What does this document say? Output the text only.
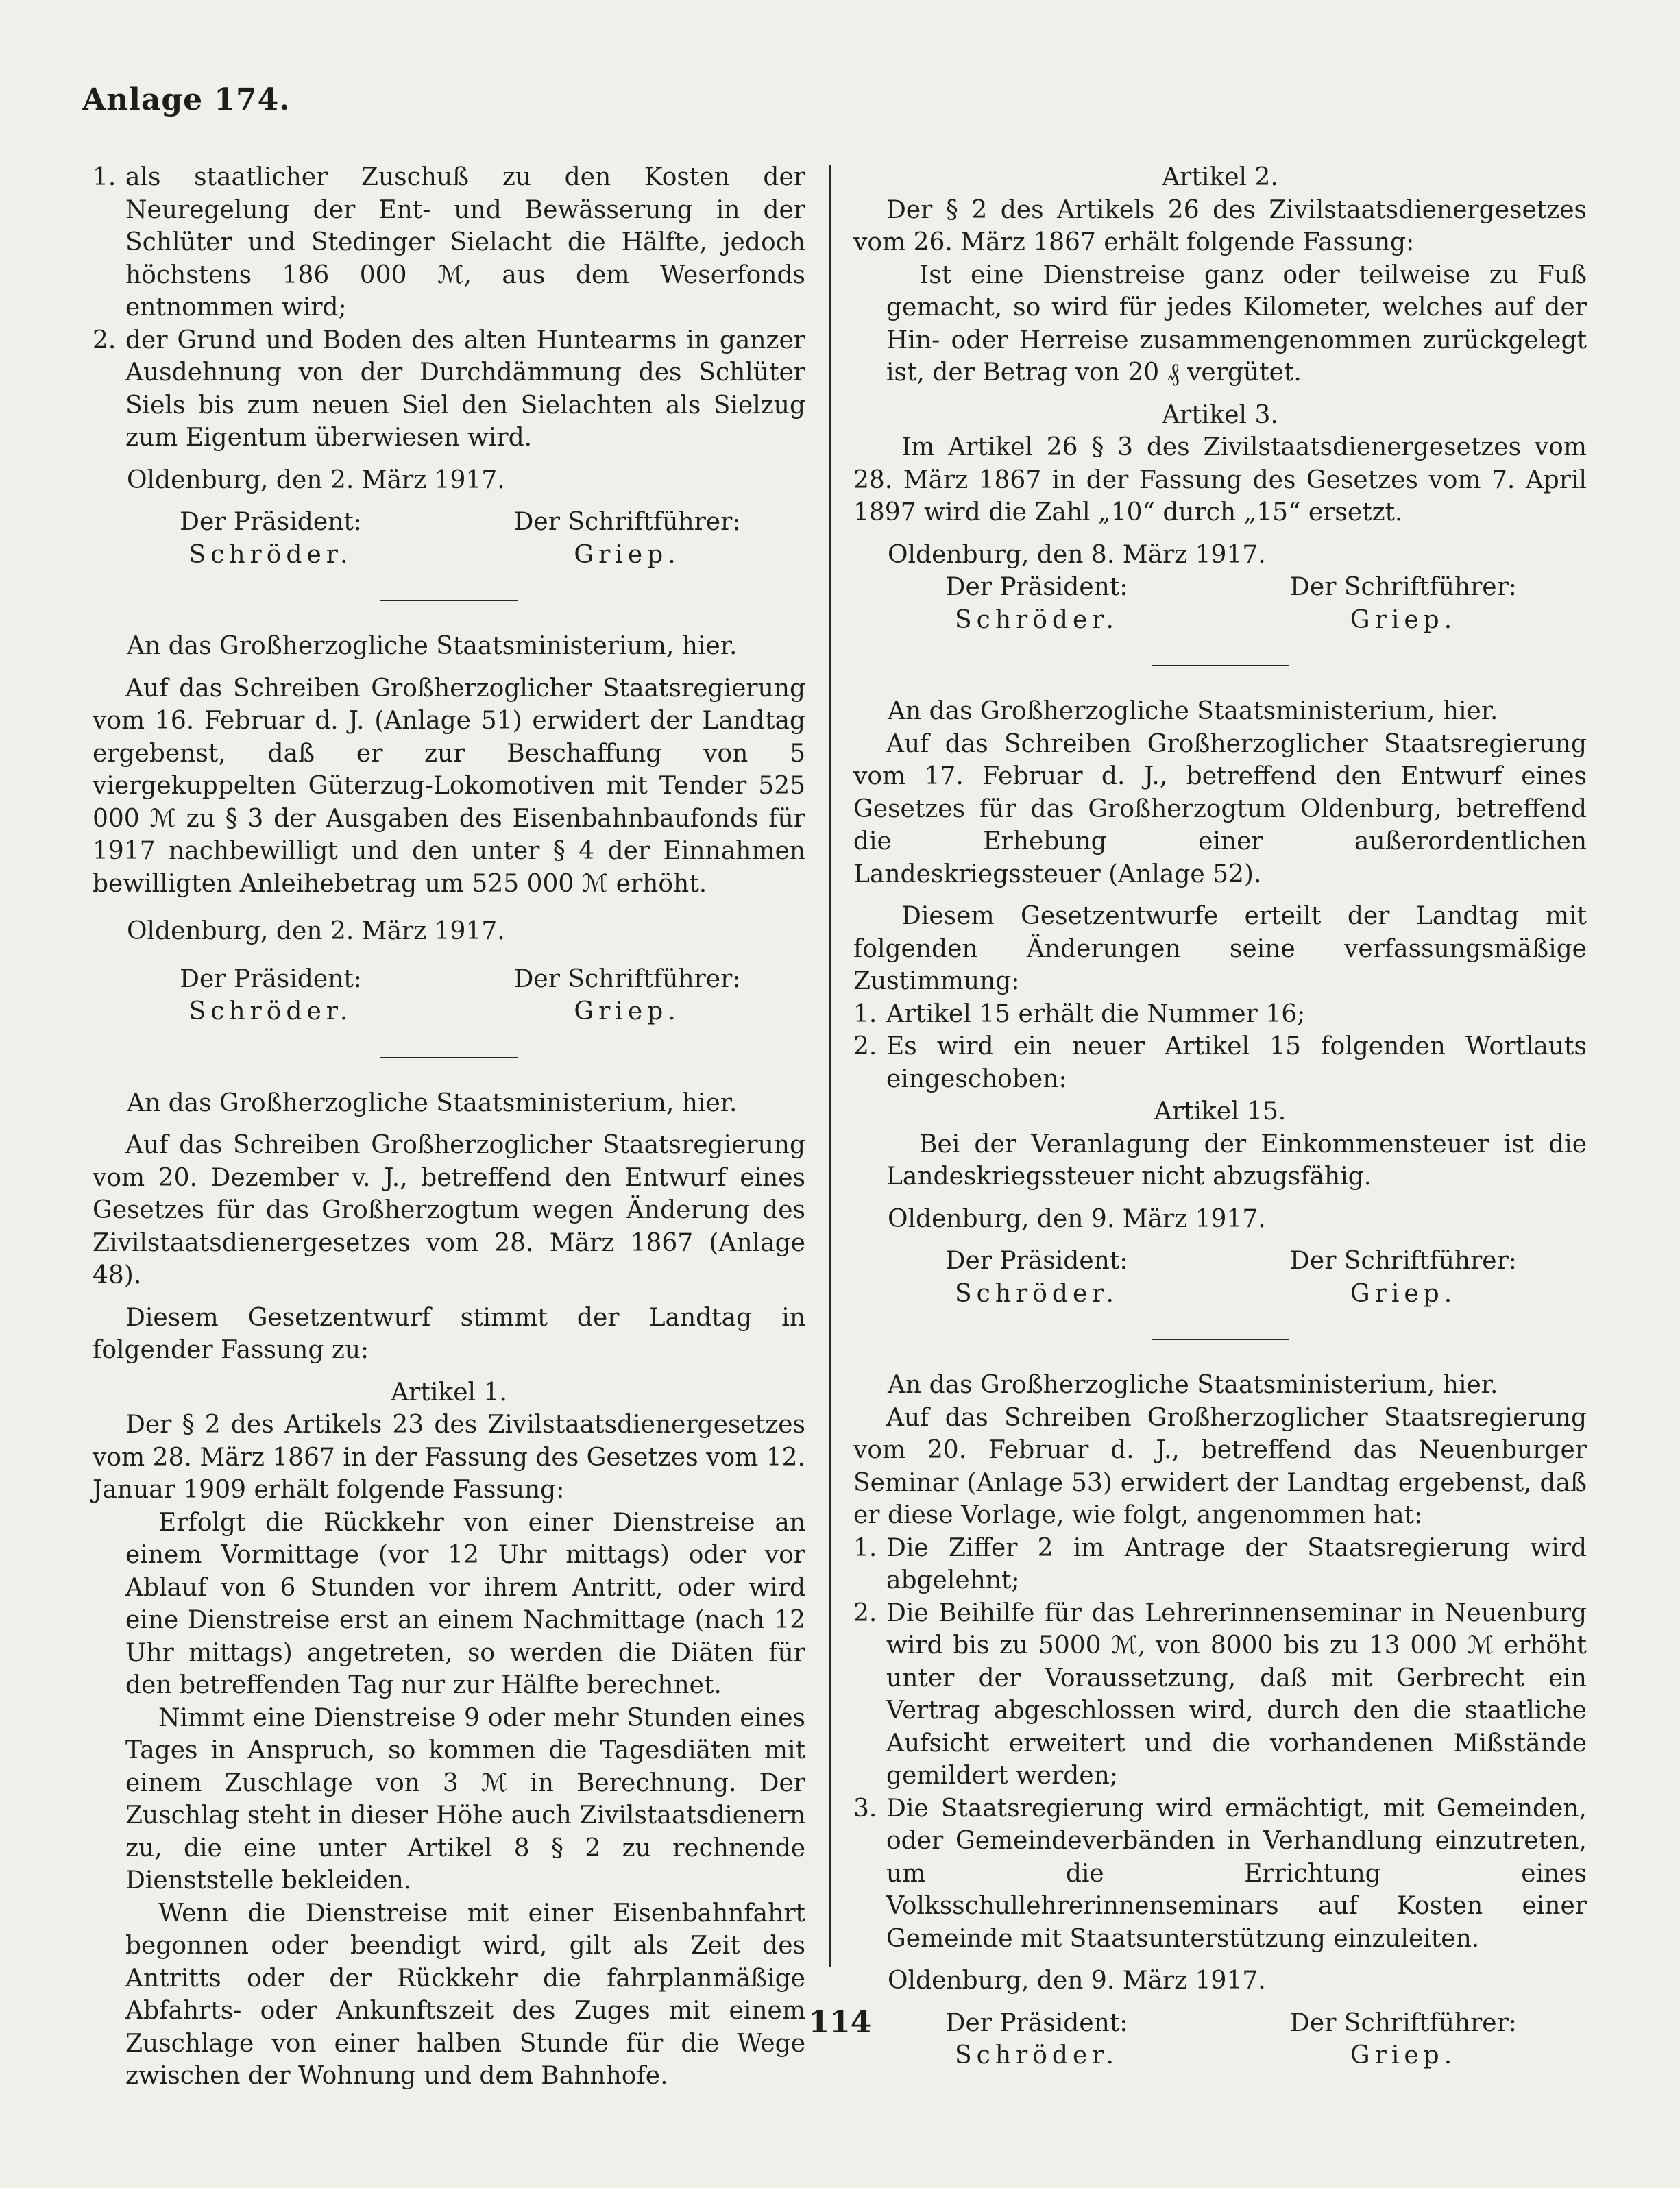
Anlage 174.
1. als staatlicher Zuschuß zu den Kosten der Neuregelung der Ent- und Bewässerung in der Schlüter und Stedinger Sielacht die Hälfte, jedoch höchstens 186 000 ℳ, aus dem Weserfonds entnommen wird;
2. der Grund und Boden des alten Huntearms in ganzer Ausdehnung von der Durchdämmung des Schlüter Siels bis zum neuen Siel den Sielachten als Sielzug zum Eigentum überwiesen wird.

Oldenburg, den 2. März 1917.

Der Präsident:
Schröder.
Der Schriftführer:
Griep.

An das Großherzogliche Staatsministerium, hier.

Auf das Schreiben Großherzoglicher Staatsregierung vom 16. Februar d. J. (Anlage 51) erwidert der Landtag ergebenst, daß er zur Beschaffung von 5 viergekuppelten Güterzug-Lokomotiven mit Tender 525 000 ℳ zu § 3 der Ausgaben des Eisenbahnbaufonds für 1917 nachbewilligt und den unter § 4 der Einnahmen bewilligten Anleihebetrag um 525 000 ℳ erhöht.

Oldenburg, den 2. März 1917.

Der Präsident:
Schröder.
Der Schriftführer:
Griep.

An das Großherzogliche Staatsministerium, hier.

Auf das Schreiben Großherzoglicher Staatsregierung vom 20. Dezember v. J., betreffend den Entwurf eines Gesetzes für das Großherzogtum wegen Änderung des Zivilstaatsdienergesetzes vom 28. März 1867 (Anlage 48).

Diesem Gesetzentwurf stimmt der Landtag in folgender Fassung zu:

Artikel 1.

Der § 2 des Artikels 23 des Zivilstaatsdienergesetzes vom 28. März 1867 in der Fassung des Gesetzes vom 12. Januar 1909 erhält folgende Fassung:

Erfolgt die Rückkehr von einer Dienstreise an einem Vormittage (vor 12 Uhr mittags) oder vor Ablauf von 6 Stunden vor ihrem Antritt, oder wird eine Dienstreise erst an einem Nachmittage (nach 12 Uhr mittags) angetreten, so werden die Diäten für den betreffenden Tag nur zur Hälfte berechnet.

Nimmt eine Dienstreise 9 oder mehr Stunden eines Tages in Anspruch, so kommen die Tagesdiäten mit einem Zuschlage von 3 ℳ in Berechnung. Der Zuschlag steht in dieser Höhe auch Zivilstaatsdienern zu, die eine unter Artikel 8 § 2 zu rechnende Dienststelle bekleiden.

Wenn die Dienstreise mit einer Eisenbahnfahrt begonnen oder beendigt wird, gilt als Zeit des Antritts oder der Rückkehr die fahrplanmäßige Abfahrts- oder Ankunftszeit des Zuges mit einem Zuschlage von einer halben Stunde für die Wege zwischen der Wohnung und dem Bahnhofe.

Artikel 2.

Der § 2 des Artikels 26 des Zivilstaatsdienergesetzes vom 26. März 1867 erhält folgende Fassung:

Ist eine Dienstreise ganz oder teilweise zu Fuß gemacht, so wird für jedes Kilometer, welches auf der Hin- oder Herreise zusammengenommen zurückgelegt ist, der Betrag von 20 ₰ vergütet.

Artikel 3.

Im Artikel 26 § 3 des Zivilstaatsdienergesetzes vom 28. März 1867 in der Fassung des Gesetzes vom 7. April 1897 wird die Zahl „10“ durch „15“ ersetzt.

Oldenburg, den 8. März 1917.

Der Präsident:
Schröder.
Der Schriftführer:
Griep.

An das Großherzogliche Staatsministerium, hier.

Auf das Schreiben Großherzoglicher Staatsregierung vom 17. Februar d. J., betreffend den Entwurf eines Gesetzes für das Großherzogtum Oldenburg, betreffend die Erhebung einer außerordentlichen Landeskriegssteuer (Anlage 52).

Diesem Gesetzentwurfe erteilt der Landtag mit folgenden Änderungen seine verfassungsmäßige Zustimmung:

1. Artikel 15 erhält die Nummer 16;
2. Es wird ein neuer Artikel 15 folgenden Wortlauts eingeschoben:

Artikel 15.

Bei der Veranlagung der Einkommensteuer ist die Landeskriegssteuer nicht abzugsfähig.

Oldenburg, den 9. März 1917.

Der Präsident:
Schröder.
Der Schriftführer:
Griep.

An das Großherzogliche Staatsministerium, hier.

Auf das Schreiben Großherzoglicher Staatsregierung vom 20. Februar d. J., betreffend das Neuenburger Seminar (Anlage 53) erwidert der Landtag ergebenst, daß er diese Vorlage, wie folgt, angenommen hat:

1. Die Ziffer 2 im Antrage der Staatsregierung wird abgelehnt;
2. Die Beihilfe für das Lehrerinnenseminar in Neuenburg wird bis zu 5000 ℳ, von 8000 bis zu 13 000 ℳ erhöht unter der Voraussetzung, daß mit Gerbrecht ein Vertrag abgeschlossen wird, durch den die staatliche Aufsicht erweitert und die vorhandenen Mißstände gemildert werden;
3. Die Staatsregierung wird ermächtigt, mit Gemeinden, oder Gemeindeverbänden in Verhandlung einzutreten, um die Errichtung eines Volksschullehrerinnenseminars auf Kosten einer Gemeinde mit Staatsunterstützung einzuleiten.

Oldenburg, den 9. März 1917.

Der Präsident:
Schröder.
Der Schriftführer:
Griep.
114
